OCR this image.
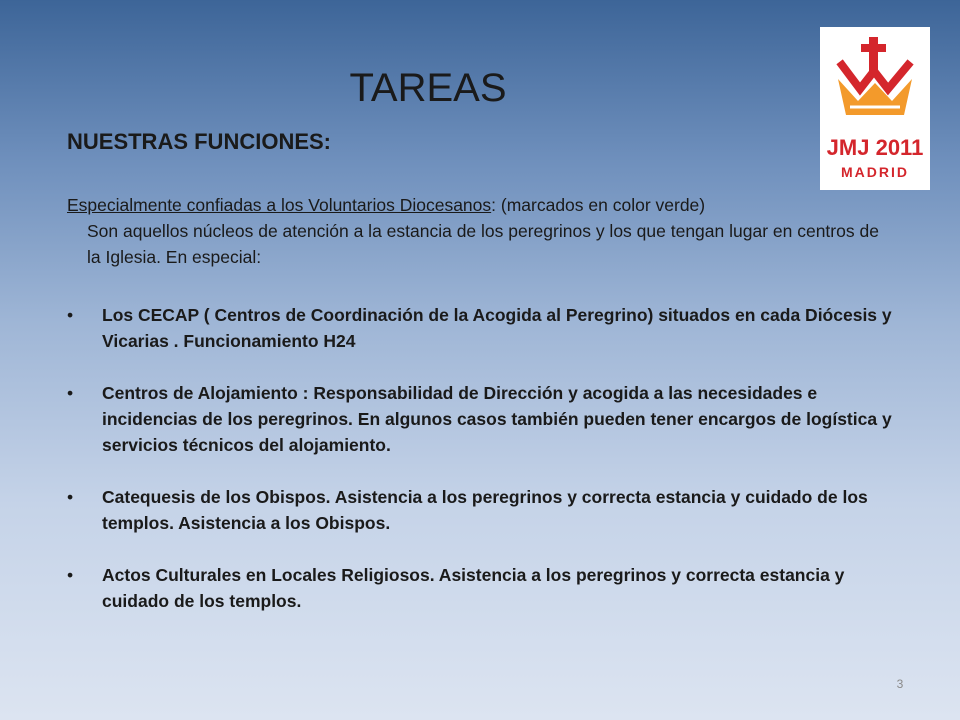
TAREAS
JMJ 2011
MADRID
NUESTRAS FUNCIONES:

Especialmente confiadas a los Voluntarios Diocesanos: (marcados en color verde)

Son aquellos núcleos de atención a la estancia de los peregrinos y los que tengan lugar en centros de la Iglesia. En especial:

• Los CECAP ( Centros de Coordinación de la Acogida al Peregrino) situados en cada Diócesis y Vicarias . Funcionamiento H24
• Centros de Alojamiento : Responsabilidad de Dirección y acogida a las necesidades e incidencias de los peregrinos. En algunos casos también pueden tener encargos de logística y servicios técnicos del alojamiento.
• Catequesis de los Obispos. Asistencia a los peregrinos y correcta estancia y cuidado de los templos. Asistencia a los Obispos.
• Actos Culturales en Locales Religiosos. Asistencia a los peregrinos y correcta estancia y cuidado de los templos.
3
